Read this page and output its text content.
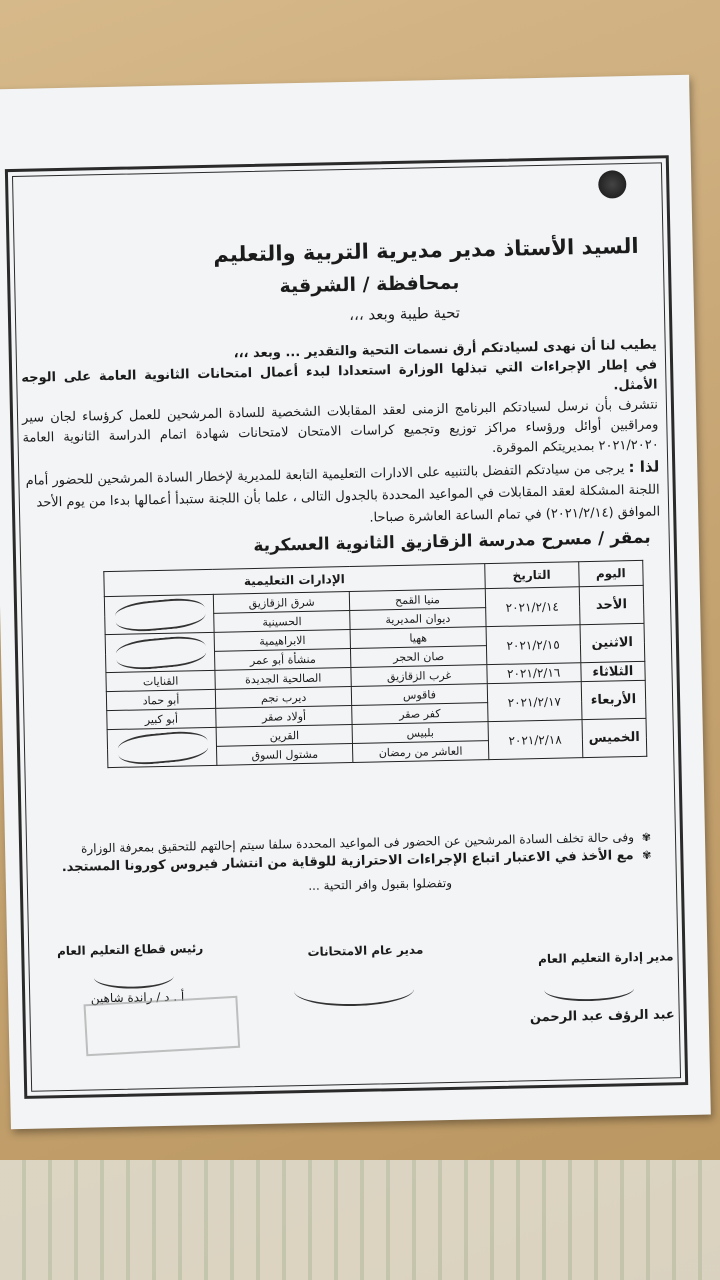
السيد الأستاذ مدير مديرية التربية والتعليم
بمحافظة / الشرقية
تحية طيبة وبعد ،،،

يطيب لنا أن نهدى لسيادتكم أرق نسمات التحية والتقدير ... وبعد ،،،

في إطار الإجراءات التي تبذلها الوزارة استعدادا لبدء أعمال امتحانات الثانوية العامة على الوجه الأمثل.

نتشرف بأن نرسل لسيادتكم البرنامج الزمنى لعقد المقابلات الشخصية للسادة المرشحين للعمل كرؤساء لجان سير ومراقبين أوائل ورؤساء مراكز توزيع وتجميع كراسات الامتحان لامتحانات شهادة اتمام الدراسة الثانوية العامة ٢٠٢١/٢٠٢٠ بمديريتكم الموقرة.

لذا : يرجى من سيادتكم التفضل بالتنبيه على الادارات التعليمية التابعة للمديرية لإخطار السادة المرشحين للحضور أمام اللجنة المشكلة لعقد المقابلات في المواعيد المحددة بالجدول التالى ، علما بأن اللجنة ستبدأ أعمالها بدءا من يوم الأحد الموافق (٢٠٢١/٢/١٤) في تمام الساعة العاشرة صباحا.
بمقر / مسرح مدرسة الزقازيق الثانوية العسكرية
اليوم	التاريخ	الإدارات التعليمية		
الأحد	٢٠٢١/٢/١٤	منيا القمح	شرق الزقازيق	

		ديوان المديرية	الحسينية	
الاثنين	٢٠٢١/٢/١٥	ههيا	الابراهيمية	

		صان الحجر	منشأة أبو عمر	
الثلاثاء	٢٠٢١/٢/١٦	غرب الزقازيق	الصالحية الجديدة	القنايات
الأربعاء	٢٠٢١/٢/١٧	فاقوس	ديرب نجم	أبو حماد
		كفر صقر	أولاد صقر	أبو كبير
الخميس	٢٠٢١/٢/١٨	بلبيس	القرين	

		العاشر من رمضان	مشتول السوق	
✾ وفى حالة تخلف السادة المرشحين عن الحضور فى المواعيد المحددة سلفا سيتم إحالتهم للتحقيق بمعرفة الوزارة ✾ مع الأخذ في الاعتبار اتباع الإجراءات الاحترازية للوقاية من انتشار فيروس كورونا المستجد.
وتفضلوا بقبول وافر التحية ...
مدير إدارة التعليم العام
عبد الرؤف عبد الرحمن
مدير عام الامتحانات
رئيس قطاع التعليم العام
أ . د / راندة شاهين
